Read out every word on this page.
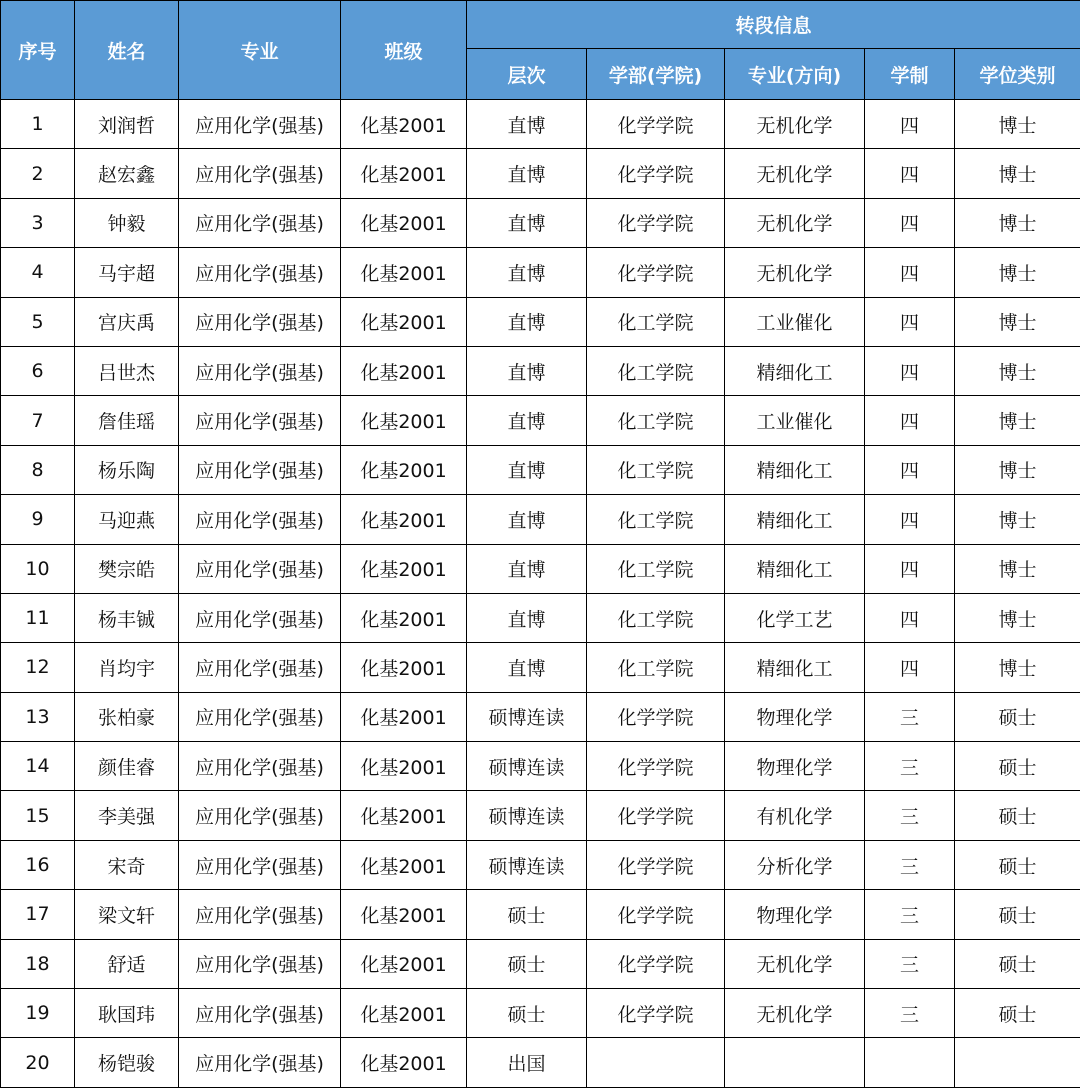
序号	姓名	专业	班级	转段信息				
				层次	学部(学院)	专业(方向)	学制	学位类别
1	刘润哲	应用化学(强基)	化基2001	直博	化学学院	无机化学	四	博士
2	赵宏鑫	应用化学(强基)	化基2001	直博	化学学院	无机化学	四	博士
3	钟毅	应用化学(强基)	化基2001	直博	化学学院	无机化学	四	博士
4	马宇超	应用化学(强基)	化基2001	直博	化学学院	无机化学	四	博士
5	宫庆禹	应用化学(强基)	化基2001	直博	化工学院	工业催化	四	博士
6	吕世杰	应用化学(强基)	化基2001	直博	化工学院	精细化工	四	博士
7	詹佳瑶	应用化学(强基)	化基2001	直博	化工学院	工业催化	四	博士
8	杨乐陶	应用化学(强基)	化基2001	直博	化工学院	精细化工	四	博士
9	马迎燕	应用化学(强基)	化基2001	直博	化工学院	精细化工	四	博士
10	樊宗皓	应用化学(强基)	化基2001	直博	化工学院	精细化工	四	博士
11	杨丰铖	应用化学(强基)	化基2001	直博	化工学院	化学工艺	四	博士
12	肖均宇	应用化学(强基)	化基2001	直博	化工学院	精细化工	四	博士
13	张柏豪	应用化学(强基)	化基2001	硕博连读	化学学院	物理化学	三	硕士
14	颜佳睿	应用化学(强基)	化基2001	硕博连读	化学学院	物理化学	三	硕士
15	李美强	应用化学(强基)	化基2001	硕博连读	化学学院	有机化学	三	硕士
16	宋奇	应用化学(强基)	化基2001	硕博连读	化学学院	分析化学	三	硕士
17	梁文轩	应用化学(强基)	化基2001	硕士	化学学院	物理化学	三	硕士
18	舒适	应用化学(强基)	化基2001	硕士	化学学院	无机化学	三	硕士
19	耿国玮	应用化学(强基)	化基2001	硕士	化学学院	无机化学	三	硕士
20	杨铠骏	应用化学(强基)	化基2001	出国				
